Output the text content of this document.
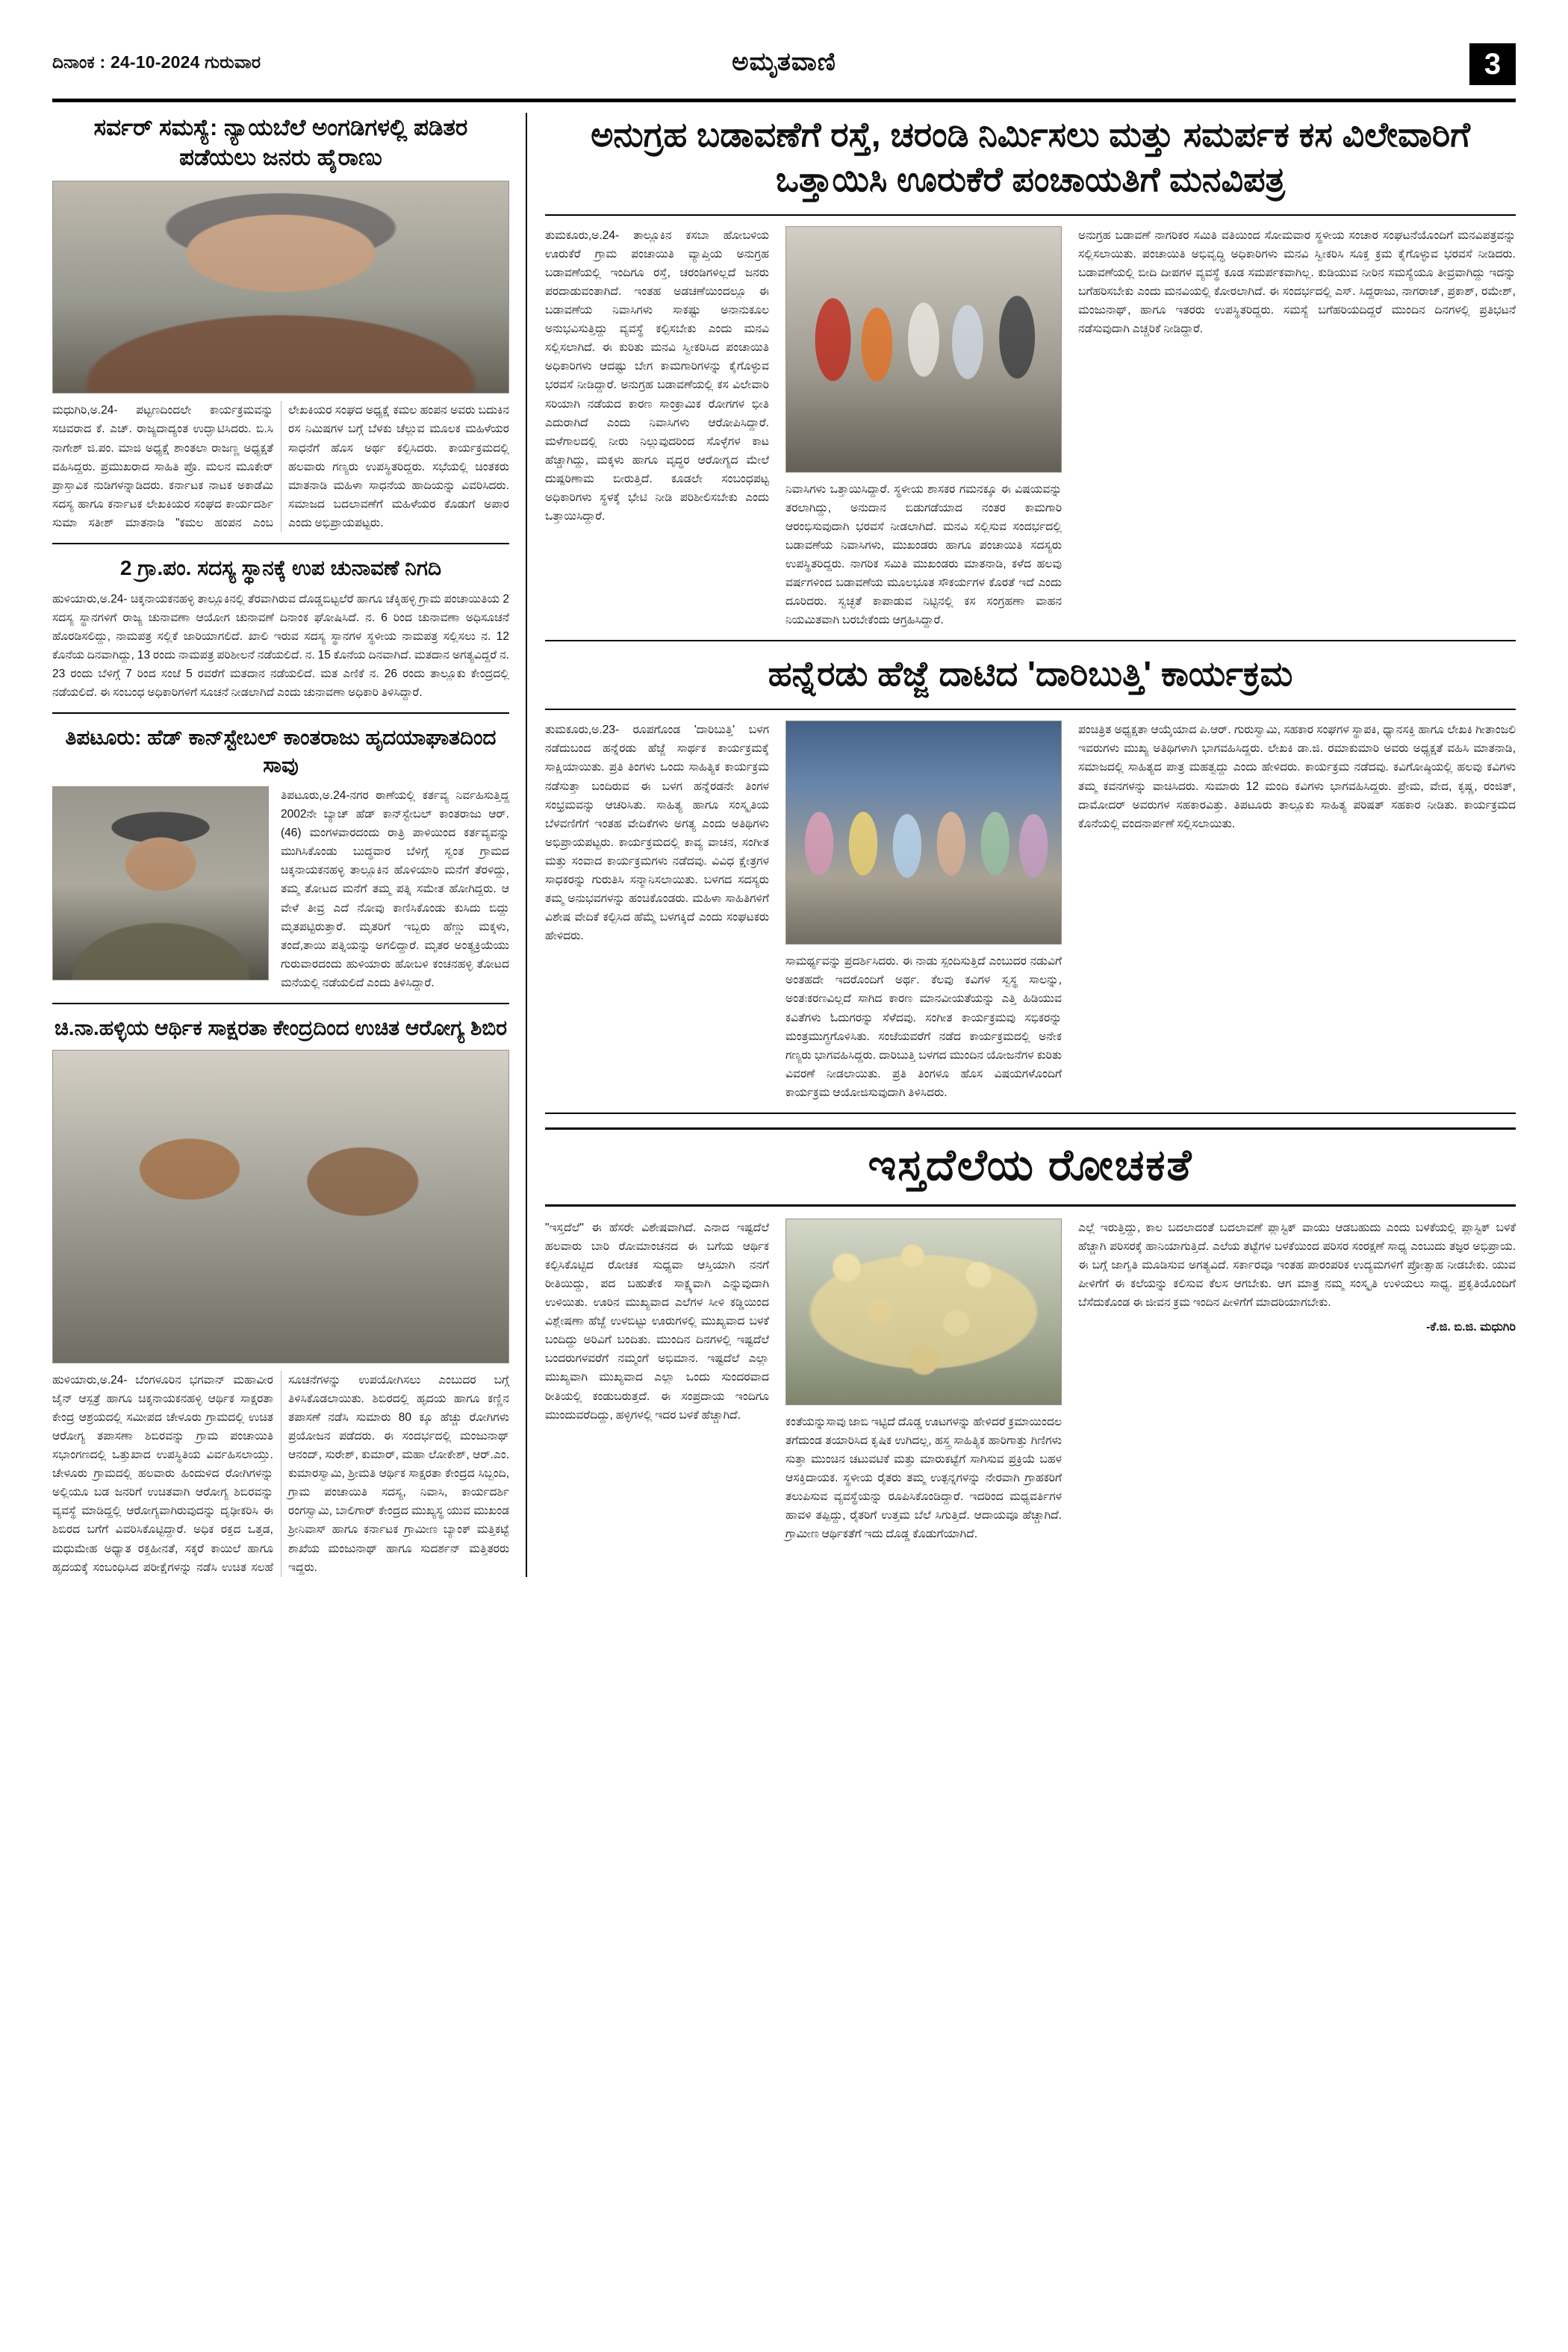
ದಿನಾಂಕ : 24-10-2024 ಗುರುವಾರ	ಅಮೃತವಾಣಿ	3
ಸರ್ವರ್ ಸಮಸ್ಯೆ: ನ್ಯಾಯಬೆಲೆ ಅಂಗಡಿಗಳಲ್ಲಿ ಪಡಿತರ ಪಡೆಯಲು ಜನರು ಹೈರಾಣು
ಮಧುಗಿರಿ,ಅ.24- ಪಟ್ಟಣದಿಂದಲೇ ಕಾರ್ಯಕ್ರಮವನ್ನು ಸಚಿವರಾದ ಕೆ. ಎಚ್. ರಾಜ್ಯದಾದ್ಯಂತ ಉದ್ಘಾಟಿಸಿದರು. ಬಿ.ಸಿ ನಾಗೇಶ್ ಜಿ.ಪಂ. ಮಾಜಿ ಅಧ್ಯಕ್ಷೆ ಶಾಂತಲಾ ರಾಜಣ್ಣ ಅಧ್ಯಕ್ಷತೆ ವಹಿಸಿದ್ದರು. ಪ್ರಮುಖರಾದ ಸಾಹಿತಿ ಪ್ರೊ. ಮಲನ ಮೂಕೇರ್ ಪ್ರಾಸ್ತಾವಿಕ ನುಡಿಗಳನ್ನಾಡಿದರು. ಕರ್ನಾಟಕ ನಾಟಕ ಅಕಾಡೆಮಿ ಸದಸ್ಯ ಹಾಗೂ ಕರ್ನಾಟಕ ಲೇಖಕಿಯರ ಸಂಘದ ಕಾರ್ಯದರ್ಶಿ ಸುಮಾ ಸತೀಶ್ ಮಾತನಾಡಿ "ಕಮಲ ಹಂಪನ ಎಂಬ ಲೇಖಕಿಯರ ಸಂಘದ ಅಧ್ಯಕ್ಷೆ ಕಮಲ ಹಂಪನ ಅವರು ಬದುಕಿನ ರಸ ನಿಮಿಷಗಳ ಬಗ್ಗೆ ಬೆಳಕು ಚೆಲ್ಲುವ ಮೂಲಕ ಮಹಿಳೆಯರ ಸಾಧನೆಗೆ ಹೊಸ ಅರ್ಥ ಕಲ್ಪಿಸಿದರು. ಕಾರ್ಯಕ್ರಮದಲ್ಲಿ ಹಲವಾರು ಗಣ್ಯರು ಉಪಸ್ಥಿತರಿದ್ದರು. ಸಭೆಯಲ್ಲಿ ಚಿಂತಕರು ಮಾತನಾಡಿ ಮಹಿಳಾ ಸಾಧನೆಯ ಹಾದಿಯನ್ನು ವಿವರಿಸಿದರು. ಸಮಾಜದ ಬದಲಾವಣೆಗೆ ಮಹಿಳೆಯರ ಕೊಡುಗೆ ಅಪಾರ ಎಂದು ಅಭಿಪ್ರಾಯಪಟ್ಟರು.
2 ಗ್ರಾ.ಪಂ. ಸದಸ್ಯ ಸ್ಥಾನಕ್ಕೆ ಉಪ ಚುನಾವಣೆ ನಿಗದಿ
ಹುಳಿಯಾರು,ಅ.24- ಚಿಕ್ಕನಾಯಕನಹಳ್ಳಿ ತಾಲ್ಲೂಕಿನಲ್ಲಿ ತೆರವಾಗಿರುವ ದೊಡ್ಡಬಿಟ್ಟಲೆರೆ ಹಾಗೂ ಚೆಕ್ಕಿಹಳ್ಳಿ ಗ್ರಾಮ ಪಂಚಾಯಿತಿಯ 2 ಸದಸ್ಯ ಸ್ಥಾನಗಳಿಗೆ ರಾಜ್ಯ ಚುನಾವಣಾ ಆಯೋಗ ಚುನಾವಣೆ ದಿನಾಂಕ ಘೋಷಿಸಿದೆ. ನ. 6 ರಿಂದ ಚುನಾವಣಾ ಅಧಿಸೂಚನೆ ಹೊರಡಿಸಲಿದ್ದು, ನಾಮಪತ್ರ ಸಲ್ಲಿಕೆ ಜಾರಿಯಾಗಲಿದೆ. ಖಾಲಿ ಇರುವ ಸದಸ್ಯ ಸ್ಥಾನಗಳ ಸ್ಥಳೀಯ ನಾಮಪತ್ರ ಸಲ್ಲಿಸಲು ನ. 12 ಕೊನೆಯ ದಿನವಾಗಿದ್ದು, 13 ರಂದು ನಾಮಪತ್ರ ಪರಿಶೀಲನೆ ನಡೆಯಲಿದೆ. ನ. 15 ಕೊನೆಯ ದಿನವಾಗಿದೆ. ಮತದಾನ ಅಗತ್ಯವಿದ್ದರೆ ನ. 23 ರಂದು ಬೆಳಿಗ್ಗೆ 7 ರಿಂದ ಸಂಜೆ 5 ರವರೆಗೆ ಮತದಾನ ನಡೆಯಲಿದೆ. ಮತ ಎಣಿಕೆ ನ. 26 ರಂದು ತಾಲ್ಲೂಕು ಕೇಂದ್ರದಲ್ಲಿ ನಡೆಯಲಿದೆ. ಈ ಸಂಬಂಧ ಅಧಿಕಾರಿಗಳಿಗೆ ಸೂಚನೆ ನೀಡಲಾಗಿದೆ ಎಂದು ಚುನಾವಣಾ ಅಧಿಕಾರಿ ತಿಳಿಸಿದ್ದಾರೆ.
ತಿಪಟೂರು: ಹೆಡ್ ಕಾನ್‌ಸ್ಟೇಬಲ್ ಕಾಂತರಾಜು ಹೃದಯಾಘಾತದಿಂದ ಸಾವು
ತಿಪಟೂರು,ಅ.24-ನಗರ ಠಾಣೆಯಲ್ಲಿ ಕರ್ತವ್ಯ ನಿರ್ವಹಿಸುತ್ತಿದ್ದ 2002ನೇ ಬ್ಯಾಚ್ ಹೆಡ್ ಕಾನ್‌ಸ್ಟೇಬಲ್ ಕಾಂತರಾಜು ಆರ್. (46) ಮಂಗಳವಾರದಂದು ರಾತ್ರಿ ಪಾಳಿಯಿಂದ ಕರ್ತವ್ಯವನ್ನು ಮುಗಿಸಿಕೊಂಡು ಬುದ್ಧವಾರ ಬೆಳಿಗ್ಗೆ ಸ್ವಂತ ಗ್ರಾಮದ ಚಿಕ್ಕನಾಯಕನಹಳ್ಳಿ ತಾಲ್ಲೂಕಿನ ಹೊಳಿಯಾರಿ ಮನೆಗೆ ತೆರಳಿದ್ದು, ತಮ್ಮ ತೋಟದ ಮನೆಗೆ ತಮ್ಮ ಪತ್ನಿ ಸಮೇತ ಹೋಗಿದ್ದರು. ಆ ವೇಳೆ ತೀವ್ರ ಎದೆ ನೋವು ಕಾಣಿಸಿಕೊಂಡು ಕುಸಿದು ಬಿದ್ದು ಮೃತಪಟ್ಟಿರುತ್ತಾರೆ. ಮೃತರಿಗೆ ಇಬ್ಬರು ಹೆಣ್ಣು ಮಕ್ಕಳು, ತಂದೆ,ತಾಯಿ ಪತ್ನಿಯನ್ನು ಅಗಲಿದ್ದಾರೆ. ಮೃತರ ಅಂತ್ಯಕ್ರಿಯೆಯು ಗುರುವಾರದಂದು ಹುಳಿಯಾರು ಹೋಬಳಿ ಕಂಚನಹಳ್ಳಿ ತೋಟದ ಮನೆಯಲ್ಲಿ ನಡೆಯಲಿದೆ ಎಂದು ತಿಳಿಸಿದ್ದಾರೆ.
ಚಿ.ನಾ.ಹಳ್ಳಿಯ ಆರ್ಥಿಕ ಸಾಕ್ಷರತಾ ಕೇಂದ್ರದಿಂದ ಉಚಿತ ಆರೋಗ್ಯ ಶಿಬಿರ
ಹುಳಿಯಾರು,ಅ.24- ಬೆಂಗಳೂರಿನ ಭಗವಾನ್ ಮಹಾವೀರ ಜೈನ್ ಆಸ್ಪತ್ರೆ ಹಾಗೂ ಚಿಕ್ಕನಾಯಕನಹಳ್ಳಿ ಆರ್ಥಿಕ ಸಾಕ್ಷರತಾ ಕೇಂದ್ರ ಆಶ್ರಯದಲ್ಲಿ ಸಮೀಪದ ಚೇಳೂರು ಗ್ರಾಮದಲ್ಲಿ ಉಚಿತ ಆರೋಗ್ಯ ತಪಾಸಣಾ ಶಿಬಿರವನ್ನು ಗ್ರಾಮ ಪಂಚಾಯಿತಿ ಸಭಾಂಗಣದಲ್ಲಿ ಒತ್ತುಖಾದ ಉಪಸ್ಥಿತಿಯ ವಿರ್ವಹಿಸಲಾಯ್ತು. ಚೇಳೂರು ಗ್ರಾಮದಲ್ಲಿ ಹಲವಾರು ಹಿಂದುಳಿದ ರೋಗಿಗಳನ್ನು ಅಲ್ಲಿಯೂ ಬಡ ಜನರಿಗೆ ಉಚಿತವಾಗಿ ಆರೋಗ್ಯ ಶಿಬಿರವನ್ನು ವ್ಯವಸ್ಥೆ ಮಾಡಿದ್ದಲ್ಲಿ ಆರೋಗ್ಯವಾಗಿರುವುದನ್ನು ದೃಢೀಕರಿಸಿ ಈ ಶಿಬಿರದ ಬಗೆಗೆ ವಿವರಿಸಿಕೊಟ್ಟಿದ್ದಾರೆ. ಅಧಿಕ ರಕ್ತದ ಒತ್ತಡ, ಮಧುಮೇಹ ಅಧ್ಯಾತ ರಕ್ತಹೀನತೆ, ಸಕ್ಕರೆ ಕಾಯಿಲೆ ಹಾಗೂ ಹೃದಯಕ್ಕೆ ಸಂಬಂಧಿಸಿದ ಪರೀಕ್ಷೆಗಳನ್ನು ನಡೆಸಿ ಉಚಿತ ಸಲಹೆ ಸೂಚನೆಗಳನ್ನು ಉಪಯೋಗಿಸಲು ಎಂಬುದರ ಬಗ್ಗೆ ತಿಳಿಸಿಕೊಡಲಾಯಿತು. ಶಿಬಿರದಲ್ಲಿ ಹೃದಯ ಹಾಗೂ ಕಣ್ಣಿನ ತಪಾಸಣೆ ನಡೆಸಿ ಸುಮಾರು 80 ಕ್ಕೂ ಹೆಚ್ಚು ರೋಗಿಗಳು ಪ್ರಯೋಜನ ಪಡೆದರು. ಈ ಸಂದರ್ಭದಲ್ಲಿ ಮಂಜುನಾಥ್ ಆನಂದ್, ಸುರೇಶ್, ಕುಮಾರ್, ಮಹಾ ಲೋಕೇಶ್, ಆರ್.ಎಂ. ಕುಮಾರಸ್ವಾಮಿ, ಶ್ರೀಮತಿ ಆರ್ಥಿಕ ಸಾಕ್ಷರತಾ ಕೇಂದ್ರದ ಸಿಬ್ಬಂದಿ, ಗ್ರಾಮ ಪಂಚಾಯಿತಿ ಸದಸ್ಯ, ನಿವಾಸಿ, ಕಾರ್ಯದರ್ಶಿ ರಂಗಸ್ವಾಮಿ, ಬಾಲಿಗಾರ್ ಕೇಂದ್ರದ ಮುಖ್ಯಸ್ಥ ಯುವ ಮುಖಂಡ ಶ್ರೀನಿವಾಸ್ ಹಾಗೂ ಕರ್ನಾಟಕ ಗ್ರಾಮೀಣ ಬ್ಯಾಂಕ್ ಮತ್ತಿಕಟ್ಟೆ ಶಾಖೆಯ ಮಂಜುನಾಥ್ ಹಾಗೂ ಸುದರ್ಶನ್ ಮತ್ತಿತರರು ಇದ್ದರು.
ಅನುಗ್ರಹ ಬಡಾವಣೆಗೆ ರಸ್ತೆ, ಚರಂಡಿ ನಿರ್ಮಿಸಲು ಮತ್ತು ಸಮರ್ಪಕ ಕಸ ವಿಲೇವಾರಿಗೆ ಒತ್ತಾಯಿಸಿ ಊರುಕೆರೆ ಪಂಚಾಯತಿಗೆ ಮನವಿಪತ್ರ
ತುಮಕೂರು,ಅ.24- ತಾಲ್ಲೂಕಿನ ಕಸಬಾ ಹೋಬಳಿಯ ಊರುಕೆರೆ ಗ್ರಾಮ ಪಂಚಾಯಿತಿ ವ್ಯಾಪ್ತಿಯ ಅನುಗ್ರಹ ಬಡಾವಣೆಯಲ್ಲಿ ಇಂದಿಗೂ ರಸ್ತೆ, ಚರಂಡಿಗಳಿಲ್ಲದೆ ಜನರು ಪರದಾಡುವಂತಾಗಿದೆ. ಇಂತಹ ಅಡಚಣೆಯಿಂದಲ್ಲೂ ಈ ಬಡಾವಣೆಯ ನಿವಾಸಿಗಳು ಸಾಕಷ್ಟು ಅನಾನುಕೂಲ ಅನುಭವಿಸುತ್ತಿದ್ದು ವ್ಯವಸ್ಥೆ ಕಲ್ಪಿಸಬೇಕು ಎಂದು ಮನವಿ ಸಲ್ಲಿಸಲಾಗಿದೆ. ಈ ಕುರಿತು ಮನವಿ ಸ್ವೀಕರಿಸಿದ ಪಂಚಾಯಿತಿ ಅಧಿಕಾರಿಗಳು ಆದಷ್ಟು ಬೇಗ ಕಾಮಗಾರಿಗಳನ್ನು ಕೈಗೊಳ್ಳುವ ಭರವಸೆ ನೀಡಿದ್ದಾರೆ. ಅನುಗ್ರಹ ಬಡಾವಣೆಯಲ್ಲಿ ಕಸ ವಿಲೇವಾರಿ ಸರಿಯಾಗಿ ನಡೆಯದ ಕಾರಣ ಸಾಂಕ್ರಾಮಿಕ ರೋಗಗಳ ಭೀತಿ ಎದುರಾಗಿದೆ ಎಂದು ನಿವಾಸಿಗಳು ಆರೋಪಿಸಿದ್ದಾರೆ. ಮಳೆಗಾಲದಲ್ಲಿ ನೀರು ನಿಲ್ಲುವುದರಿಂದ ಸೊಳ್ಳೆಗಳ ಕಾಟ ಹೆಚ್ಚಾಗಿದ್ದು, ಮಕ್ಕಳು ಹಾಗೂ ವೃದ್ಧರ ಆರೋಗ್ಯದ ಮೇಲೆ ದುಷ್ಪರಿಣಾಮ ಬೀರುತ್ತಿದೆ. ಕೂಡಲೇ ಸಂಬಂಧಪಟ್ಟ ಅಧಿಕಾರಿಗಳು ಸ್ಥಳಕ್ಕೆ ಭೇಟಿ ನೀಡಿ ಪರಿಶೀಲಿಸಬೇಕು ಎಂದು ಒತ್ತಾಯಿಸಿದ್ದಾರೆ.
ನಿವಾಸಿಗಳು ಒತ್ತಾಯಿಸಿದ್ದಾರೆ. ಸ್ಥಳೀಯ ಶಾಸಕರ ಗಮನಕ್ಕೂ ಈ ವಿಷಯವನ್ನು ತರಲಾಗಿದ್ದು, ಅನುದಾನ ಬಿಡುಗಡೆಯಾದ ನಂತರ ಕಾಮಗಾರಿ ಆರಂಭಿಸುವುದಾಗಿ ಭರವಸೆ ನೀಡಲಾಗಿದೆ. ಮನವಿ ಸಲ್ಲಿಸುವ ಸಂದರ್ಭದಲ್ಲಿ ಬಡಾವಣೆಯ ನಿವಾಸಿಗಳು, ಮುಖಂಡರು ಹಾಗೂ ಪಂಚಾಯಿತಿ ಸದಸ್ಯರು ಉಪಸ್ಥಿತರಿದ್ದರು. ನಾಗರಿಕ ಸಮಿತಿ ಮುಖಂಡರು ಮಾತನಾಡಿ, ಕಳೆದ ಹಲವು ವರ್ಷಗಳಿಂದ ಬಡಾವಣೆಯ ಮೂಲಭೂತ ಸೌಕರ್ಯಗಳ ಕೊರತೆ ಇದೆ ಎಂದು ದೂರಿದರು. ಸ್ವಚ್ಛತೆ ಕಾಪಾಡುವ ನಿಟ್ಟಿನಲ್ಲಿ ಕಸ ಸಂಗ್ರಹಣಾ ವಾಹನ ನಿಯಮಿತವಾಗಿ ಬರಬೇಕೆಂದು ಆಗ್ರಹಿಸಿದ್ದಾರೆ.
ಅನುಗ್ರಹ ಬಡಾವಣೆ ನಾಗರಿಕರ ಸಮಿತಿ ವತಿಯಿಂದ ಸೋಮವಾರ ಸ್ಥಳೀಯ ಸಂಚಾರ ಸಂಘಟನೆಯೊಂದಿಗೆ ಮನವಿಪತ್ರವನ್ನು ಸಲ್ಲಿಸಲಾಯಿತು. ಪಂಚಾಯಿತಿ ಅಭಿವೃದ್ಧಿ ಅಧಿಕಾರಿಗಳು ಮನವಿ ಸ್ವೀಕರಿಸಿ ಸೂಕ್ತ ಕ್ರಮ ಕೈಗೊಳ್ಳುವ ಭರವಸೆ ನೀಡಿದರು. ಬಡಾವಣೆಯಲ್ಲಿ ಬೀದಿ ದೀಪಗಳ ವ್ಯವಸ್ಥೆ ಕೂಡ ಸಮರ್ಪಕವಾಗಿಲ್ಲ. ಕುಡಿಯುವ ನೀರಿನ ಸಮಸ್ಯೆಯೂ ತೀವ್ರವಾಗಿದ್ದು ಇದನ್ನು ಬಗೆಹರಿಸಬೇಕು ಎಂದು ಮನವಿಯಲ್ಲಿ ಕೋರಲಾಗಿದೆ. ಈ ಸಂದರ್ಭದಲ್ಲಿ ಎಸ್. ಸಿದ್ದರಾಜು, ನಾಗರಾಜ್, ಪ್ರಕಾಶ್, ರಮೇಶ್, ಮಂಜುನಾಥ್, ಹಾಗೂ ಇತರರು ಉಪಸ್ಥಿತರಿದ್ದರು. ಸಮಸ್ಯೆ ಬಗೆಹರಿಯದಿದ್ದರೆ ಮುಂದಿನ ದಿನಗಳಲ್ಲಿ ಪ್ರತಿಭಟನೆ ನಡೆಸುವುದಾಗಿ ಎಚ್ಚರಿಕೆ ನೀಡಿದ್ದಾರೆ.
ಹನ್ನೆರಡು ಹೆಜ್ಜೆ ದಾಟಿದ 'ದಾರಿಬುತ್ತಿ' ಕಾರ್ಯಕ್ರಮ
ತುಮಕೂರು,ಅ.23- ರೂಪಗೊಂಡ 'ದಾರಿಬುತ್ತಿ' ಬಳಗ ನಡೆದುಬಂದ ಹನ್ನೆರಡು ಹೆಜ್ಜೆ ಸಾರ್ಥಕ ಕಾರ್ಯಕ್ರಮಕ್ಕೆ ಸಾಕ್ಷಿಯಾಯಿತು. ಪ್ರತಿ ತಿಂಗಳು ಒಂದು ಸಾಹಿತ್ಯಿಕ ಕಾರ್ಯಕ್ರಮ ನಡೆಸುತ್ತಾ ಬಂದಿರುವ ಈ ಬಳಗ ಹನ್ನೆರಡನೇ ತಿಂಗಳ ಸಂಭ್ರಮವನ್ನು ಆಚರಿಸಿತು. ಸಾಹಿತ್ಯ ಹಾಗೂ ಸಂಸ್ಕೃತಿಯ ಬೆಳವಣಿಗೆಗೆ ಇಂತಹ ವೇದಿಕೆಗಳು ಅಗತ್ಯ ಎಂದು ಅತಿಥಿಗಳು ಅಭಿಪ್ರಾಯಪಟ್ಟರು. ಕಾರ್ಯಕ್ರಮದಲ್ಲಿ ಕಾವ್ಯ ವಾಚನ, ಸಂಗೀತ ಮತ್ತು ಸಂವಾದ ಕಾರ್ಯಕ್ರಮಗಳು ನಡೆದವು. ವಿವಿಧ ಕ್ಷೇತ್ರಗಳ ಸಾಧಕರನ್ನು ಗುರುತಿಸಿ ಸನ್ಮಾನಿಸಲಾಯಿತು. ಬಳಗದ ಸದಸ್ಯರು ತಮ್ಮ ಅನುಭವಗಳನ್ನು ಹಂಚಿಕೊಂಡರು. ಮಹಿಳಾ ಸಾಹಿತಿಗಳಿಗೆ ವಿಶೇಷ ವೇದಿಕೆ ಕಲ್ಪಿಸಿದ ಹೆಮ್ಮೆ ಬಳಗಕ್ಕಿದೆ ಎಂದು ಸಂಘಟಕರು ಹೇಳಿದರು.
ಸಾಮರ್ಥ್ಯವನ್ನು ಪ್ರದರ್ಶಿಸಿದರು. ಈ ನಾಡು ಸ್ಪಂದಿಸುತ್ತಿದೆ ಎಂಬುದರ ನಡುವಿಗೆ ಅಂತಹದೇ ಇದರೊಂದಿಗೆ ಅರ್ಥ. ಕೆಲವು ಕವಿಗಳ ಸ್ವಸ್ಥ ಸಾಲನ್ನು, ಅಂತಃಕರಣವಿಲ್ಲದೆ ಸಾಗಿದ ಕಾರಣ ಮಾನವೀಯತೆಯನ್ನು ಎತ್ತಿ ಹಿಡಿಯುವ ಕವಿತೆಗಳು ಓದುಗರನ್ನು ಸೆಳೆದವು. ಸಂಗೀತ ಕಾರ್ಯಕ್ರಮವು ಸಭಿಕರನ್ನು ಮಂತ್ರಮುಗ್ಧಗೊಳಿಸಿತು. ಸಂಜೆಯವರೆಗೆ ನಡೆದ ಕಾರ್ಯಕ್ರಮದಲ್ಲಿ ಅನೇಕ ಗಣ್ಯರು ಭಾಗವಹಿಸಿದ್ದರು. ದಾರಿಬುತ್ತಿ ಬಳಗದ ಮುಂದಿನ ಯೋಜನೆಗಳ ಕುರಿತು ವಿವರಣೆ ನೀಡಲಾಯಿತು. ಪ್ರತಿ ತಿಂಗಳೂ ಹೊಸ ವಿಷಯಗಳೊಂದಿಗೆ ಕಾರ್ಯಕ್ರಮ ಆಯೋಜಿಸುವುದಾಗಿ ತಿಳಿಸಿದರು.
ಪಂಚಿತ್ರಿತ ಅಧ್ಯಕ್ಷತಾ ಆಯ್ಕೆಯಾದ ಪಿ.ಆರ್. ಗುರುಸ್ವಾಮಿ, ಸಹಕಾರ ಸಂಘಗಳ ಸ್ಥಾಪಕಿ, ಧ್ಯಾನಸಕ್ತಿ ಹಾಗೂ ಲೇಖಕಿ ಗೀತಾಂಜಲಿ ಇವರುಗಳು ಮುಖ್ಯ ಅತಿಥಿಗಳಾಗಿ ಭಾಗವಹಿಸಿದ್ದರು. ಲೇಖಕಿ ಡಾ.ಜಿ. ರಮಾಕುಮಾರಿ ಅವರು ಅಧ್ಯಕ್ಷತೆ ವಹಿಸಿ ಮಾತನಾಡಿ, ಸಮಾಜದಲ್ಲಿ ಸಾಹಿತ್ಯದ ಪಾತ್ರ ಮಹತ್ವದ್ದು ಎಂದು ಹೇಳಿದರು. ಕಾರ್ಯಕ್ರಮ ನಡೆದವು. ಕವಿಗೋಷ್ಠಿಯಲ್ಲಿ ಹಲವು ಕವಿಗಳು ತಮ್ಮ ಕವನಗಳನ್ನು ವಾಚಿಸಿದರು. ಸುಮಾರು 12 ಮಂದಿ ಕವಿಗಳು ಭಾಗವಹಿಸಿದ್ದರು. ಪ್ರೇಮ, ವೇದ, ಕೃಷ್ಣ, ರಂಜಿತ್, ದಾಮೋದರ್ ಅವರುಗಳ ಸಹಕಾರವಿತ್ತು. ತಿಪಟೂರು ತಾಲ್ಲೂಕು ಸಾಹಿತ್ಯ ಪರಿಷತ್ ಸಹಕಾರ ನೀಡಿತು. ಕಾರ್ಯಕ್ರಮದ ಕೊನೆಯಲ್ಲಿ ವಂದನಾರ್ಪಣೆ ಸಲ್ಲಿಸಲಾಯಿತು.
ಇಸ್ತದೆಲೆಯ ರೋಚಕತೆ
"ಇಸ್ತದೆಲೆ" ಈ ಹೆಸರೇ ವಿಶೇಷವಾಗಿದೆ. ಎನಾದ ಇಷ್ಟದೆಲೆ ಹಲವಾರು ಬಾರಿ ರೋಮಾಂಚನದ ಈ ಬಗೆಯ ಆರ್ಥಿಕ ಕಲ್ಪಿಸಿಕೊಟ್ಟಿದ ರೋಚಕ ಸುಧ್ಯವಾ ಆಸ್ತಿಯಾಗಿ ನನಗೆ ರೀತಿಯಿದ್ದು, ಪದ ಬಹುತೇಕ ಸಾಕ್ಷ್ಯವಾಗಿ ಎನ್ನುವುದಾಗಿ ಉಳಿಯಿತು. ಊರಿನ ಮುಖ್ಯವಾದ ಎಲೆಗಳ ಸೀಳಿ ಕಡ್ಡಿಯಿಂದ ವಿಶ್ಲೇಷಣಾ ಹೆಜ್ಜೆ ಉಳಬಿಟ್ಟು ಊರುಗಳಲ್ಲಿ ಮುಖ್ಯವಾದ ಬಳಕೆ ಬಂದಿದ್ದು ಅರಿವಿಗೆ ಬಂದಿತು. ಮುಂದಿನ ದಿನಗಳಲ್ಲಿ ಇಷ್ಟದೆಲೆ ಬಂದರುಗಳವರೆಗೆ ನಮ್ಮಂಗೆ ಅಭಿಮಾನ. ಇಷ್ಟದೆಲೆ ಎಲ್ಲಾ ಮುಖ್ಯವಾಗಿ ಮುಖ್ಯವಾದ ಎಲ್ಲಾ ಒಂದು ಸುಂದರವಾದ ರೀತಿಯಲ್ಲಿ ಕಂಡುಬರುತ್ತದೆ. ಈ ಸಂಪ್ರದಾಯ ಇಂದಿಗೂ ಮುಂದುವರೆದಿದ್ದು, ಹಳ್ಳಿಗಳಲ್ಲಿ ಇದರ ಬಳಕೆ ಹೆಚ್ಚಾಗಿದೆ.
ಕಂತೆಯನ್ನುಸಾವು ಜಾಬಿ ಇಟ್ಟಿದೆ ದೊಡ್ಡ ಊಟಗಳನ್ನು ಹೇಳಿದರೆ ಕ್ರಮಾಯಿಂದಲ ತಗೆದುಂಡ ತಯಾರಿಸಿದ ಕೃಷಿಕ ಉಗಿದಲ್ಲ, ಹಸ್ತ್ರ ಸಾಹಿತ್ಯಿಕ ಹಾರಿಗಾತ್ತು ಗಿಣಿಗಳು ಸುತ್ತಾ ಮುಂಚಿನ ಚಟುವಟಿಕೆ ಮತ್ತು ಮಾರುಕಟ್ಟೆಗೆ ಸಾಗಿಸುವ ಪ್ರಕ್ರಿಯೆ ಬಹಳ ಆಸಕ್ತಿದಾಯಕ. ಸ್ಥಳೀಯ ರೈತರು ತಮ್ಮ ಉತ್ಪನ್ನಗಳನ್ನು ನೇರವಾಗಿ ಗ್ರಾಹಕರಿಗೆ ತಲುಪಿಸುವ ವ್ಯವಸ್ಥೆಯನ್ನು ರೂಪಿಸಿಕೊಂಡಿದ್ದಾರೆ. ಇದರಿಂದ ಮಧ್ಯವರ್ತಿಗಳ ಹಾವಳಿ ತಪ್ಪಿದ್ದು, ರೈತರಿಗೆ ಉತ್ತಮ ಬೆಲೆ ಸಿಗುತ್ತಿದೆ. ಆದಾಯವೂ ಹೆಚ್ಚಾಗಿದೆ. ಗ್ರಾಮೀಣ ಆರ್ಥಿಕತೆಗೆ ಇದು ದೊಡ್ಡ ಕೊಡುಗೆಯಾಗಿದೆ.
ಎಲ್ಲೆ ಇರುತ್ತಿದ್ದು, ಕಾಲ ಬದಲಾದಂತೆ ಬದಲಾವಣೆ ಪ್ಲಾಸ್ಟಿಕ್ ವಾಯು ಆಡಬಹುದು ಎಂದು ಬಳಕೆಯಲ್ಲಿ ಪ್ಲಾಸ್ಟಿಕ್ ಬಳಕೆ ಹೆಚ್ಚಾಗಿ ಪರಿಸರಕ್ಕೆ ಹಾನಿಯಾಗುತ್ತಿದೆ. ಎಲೆಯ ತಟ್ಟೆಗಳ ಬಳಕೆಯಿಂದ ಪರಿಸರ ಸಂರಕ್ಷಣೆ ಸಾಧ್ಯ ಎಂಬುದು ತಜ್ಞರ ಅಭಿಪ್ರಾಯ. ಈ ಬಗ್ಗೆ ಜಾಗೃತಿ ಮೂಡಿಸುವ ಅಗತ್ಯವಿದೆ. ಸರ್ಕಾರವೂ ಇಂತಹ ಪಾರಂಪರಿಕ ಉದ್ಯಮಗಳಿಗೆ ಪ್ರೋತ್ಸಾಹ ನೀಡಬೇಕು. ಯುವ ಪೀಳಿಗೆಗೆ ಈ ಕಲೆಯನ್ನು ಕಲಿಸುವ ಕೆಲಸ ಆಗಬೇಕು. ಆಗ ಮಾತ್ರ ನಮ್ಮ ಸಂಸ್ಕೃತಿ ಉಳಿಯಲು ಸಾಧ್ಯ. ಪ್ರಕೃತಿಯೊಂದಿಗೆ ಬೆಸೆದುಕೊಂಡ ಈ ಜೀವನ ಕ್ರಮ ಇಂದಿನ ಪೀಳಿಗೆಗೆ ಮಾದರಿಯಾಗಬೇಕು.
-ಕೆ.ಜಿ. ಬಿ.ಜಿ. ಮಧುಗಿರಿ
